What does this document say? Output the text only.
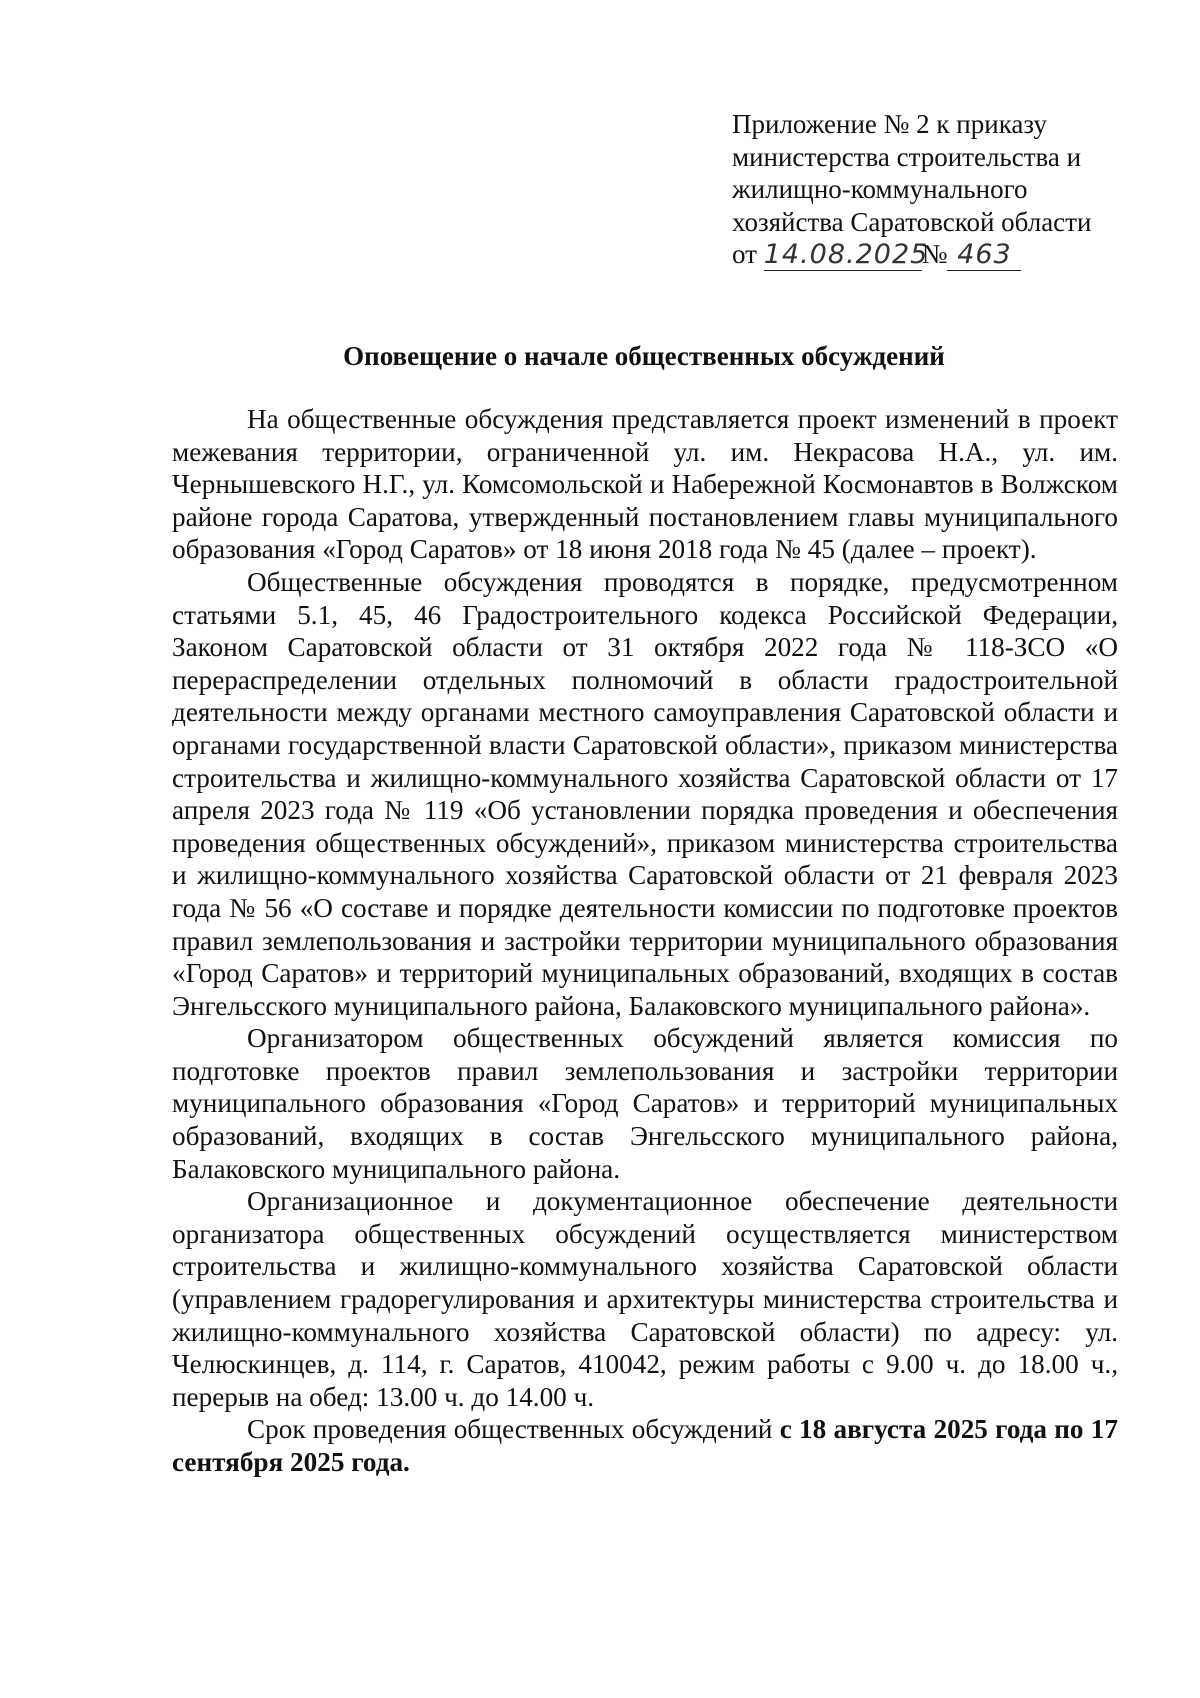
Приложение № 2 к приказу
министерства строительства и
жилищно-коммунального
хозяйства Саратовской области
от 14.08.2025№ 463
Оповещение о начале общественных обсуждений

На общественные обсуждения представляется проект изменений в проект межевания территории, ограниченной ул. им. Некрасова Н.А., ул. им. Чернышевского Н.Г., ул. Комсомольской и Набережной Космонавтов в Волжском районе города Саратова, утвержденный постановлением главы муниципального образования «Город Саратов» от 18 июня 2018 года № 45 (далее – проект).

Общественные обсуждения проводятся в порядке, предусмотренном статьями 5.1, 45, 46 Градостроительного кодекса Российской Федерации, Законом Саратовской области от 31 октября 2022 года № 118-ЗСО «О перераспределении отдельных полномочий в области градостроительной деятельности между органами местного самоуправления Саратовской области и органами государственной власти Саратовской области», приказом министерства строительства и жилищно-коммунального хозяйства Саратовской области от 17 апреля 2023 года № 119 «Об установлении порядка проведения и обеспечения проведения общественных обсуждений», приказом министерства строительства и жилищно-коммунального хозяйства Саратовской области от 21 февраля 2023 года № 56 «О составе и порядке деятельности комиссии по подготовке проектов правил землепользования и застройки территории муниципального образования «Город Саратов» и территорий муниципальных образований, входящих в состав Энгельсского муниципального района, Балаковского муниципального района».

Организатором общественных обсуждений является комиссия по подготовке проектов правил землепользования и застройки территории муниципального образования «Город Саратов» и территорий муниципальных образований, входящих в состав Энгельсского муниципального района, Балаковского муниципального района.

Организационное и документационное обеспечение деятельности организатора общественных обсуждений осуществляется министерством строительства и жилищно-коммунального хозяйства Саратовской области (управлением градорегулирования и архитектуры министерства строительства и жилищно-коммунального хозяйства Саратовской области) по адресу: ул. Челюскинцев, д. 114, г. Саратов, 410042, режим работы с 9.00 ч. до 18.00 ч., перерыв на обед: 13.00 ч. до 14.00 ч.

Срок проведения общественных обсуждений с 18 августа 2025 года по 17 сентября 2025 года.
